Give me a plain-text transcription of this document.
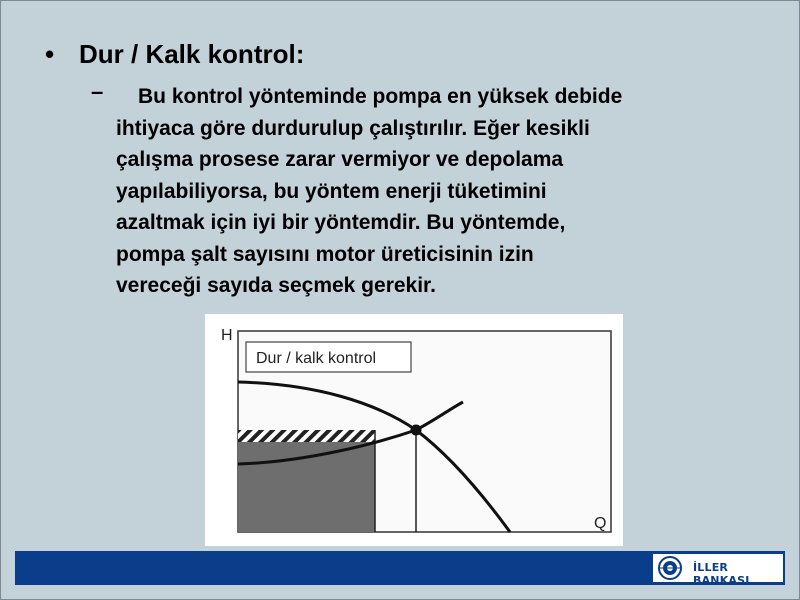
• Dur / Kalk kontrol:
–	Bu kontrol yönteminde pompa en yüksek debide
ihtiyaca göre durdurulup çalıştırılır. Eğer kesikli
çalışma prosese zarar vermiyor ve depolama
yapılabiliyorsa, bu yöntem enerji tüketimini
azaltmak için iyi bir yöntemdir. Bu yöntemde,
pompa şalt sayısını motor üreticisinin izin
vereceği sayıda seçmek gerekir.
Dur / kalk kontrol
H
Q
İLLER BANKASI
